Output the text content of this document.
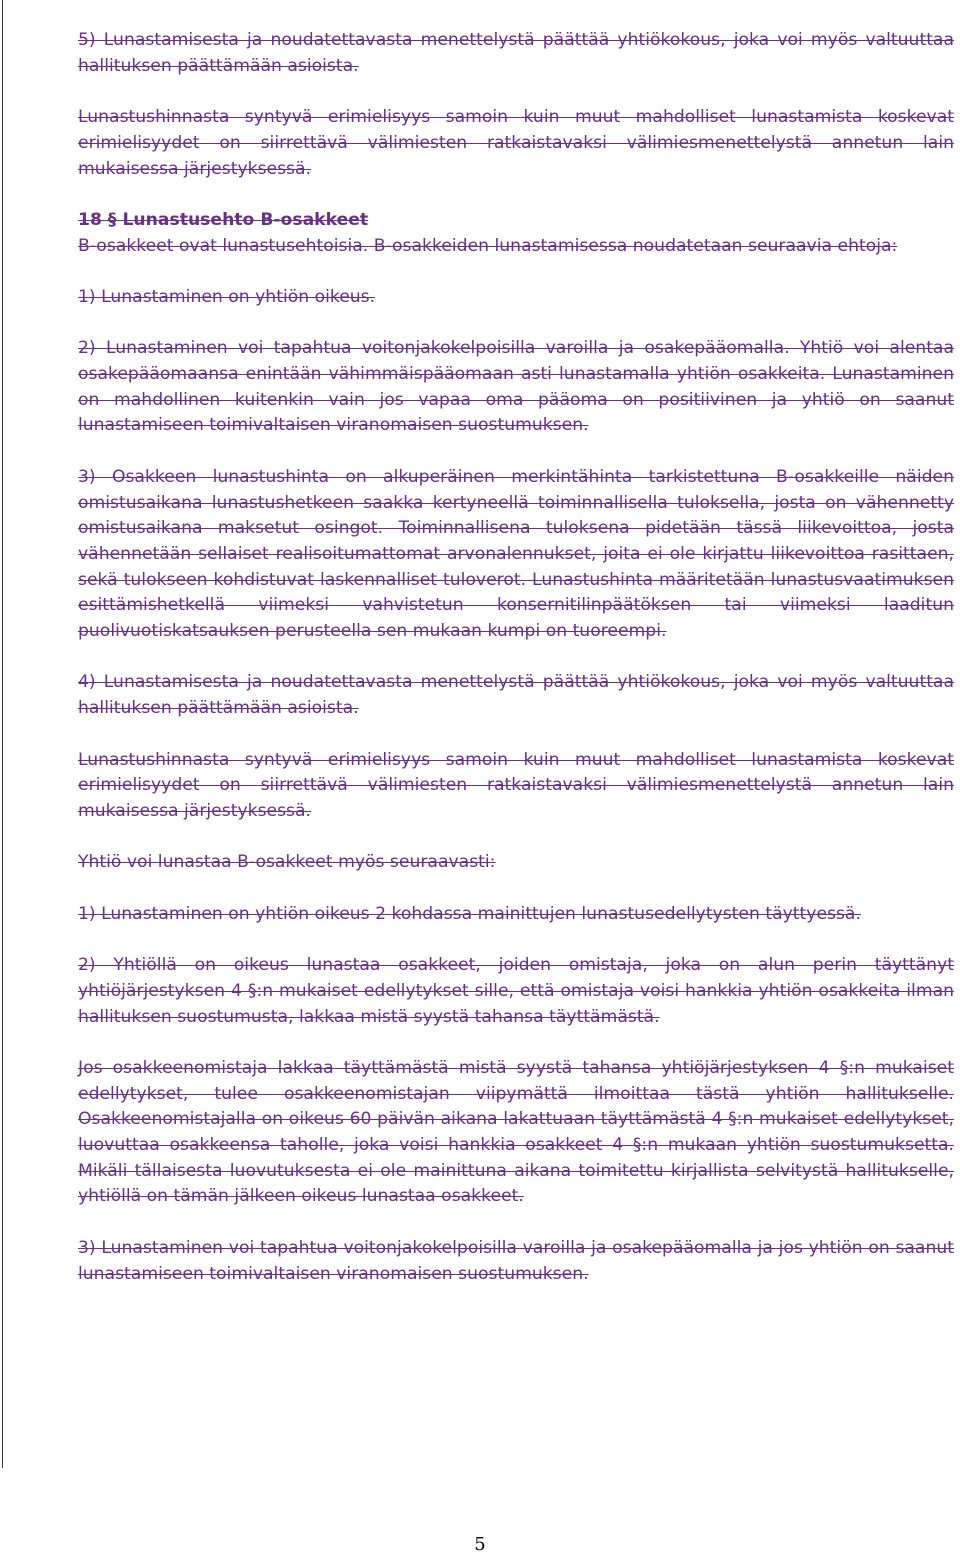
5) Lunastamisesta ja noudatettavasta menettelystä päättää yhtiökokous, joka voi myös valtuuttaa hallituksen päättämään asioista.

Lunastushinnasta syntyvä erimielisyys samoin kuin muut mahdolliset lunastamista koskevat erimielisyydet on siirrettävä välimiesten ratkaistavaksi välimiesmenettelystä annetun lain mukaisessa järjestyksessä.

18 § Lunastusehto B-osakkeet
B-osakkeet ovat lunastusehtoisia. B-osakkeiden lunastamisessa noudatetaan seuraavia ehtoja:

1) Lunastaminen on yhtiön oikeus.

2) Lunastaminen voi tapahtua voitonjakokelpoisilla varoilla ja osakepääomalla. Yhtiö voi alentaa osakepääomaansa enintään vähimmäispääomaan asti lunastamalla yhtiön osakkeita. Lunastaminen on mahdollinen kuitenkin vain jos vapaa oma pääoma on positiivinen ja yhtiö on saanut lunastamiseen toimivaltaisen viranomaisen suostumuksen.

3) Osakkeen lunastushinta on alkuperäinen merkintähinta tarkistettuna B-osakkeille näiden omistusaikana lunastushetkeen saakka kertyneellä toiminnallisella tuloksella, josta on vähennetty omistusaikana maksetut osingot. Toiminnallisena tuloksena pidetään tässä liikevoittoa, josta vähennetään sellaiset realisoitumattomat arvonalennukset, joita ei ole kirjattu liikevoittoa rasittaen, sekä tulokseen kohdistuvat laskennalliset tuloverot. Lunastushinta määritetään lunastusvaatimuksen esittämishetkellä viimeksi vahvistetun konsernitilinpäätöksen tai viimeksi laaditun puolivuotiskatsauksen perusteella sen mukaan kumpi on tuoreempi.

4) Lunastamisesta ja noudatettavasta menettelystä päättää yhtiökokous, joka voi myös valtuuttaa hallituksen päättämään asioista.

Lunastushinnasta syntyvä erimielisyys samoin kuin muut mahdolliset lunastamista koskevat erimielisyydet on siirrettävä välimiesten ratkaistavaksi välimiesmenettelystä annetun lain mukaisessa järjestyksessä.

Yhtiö voi lunastaa B-osakkeet myös seuraavasti:

1) Lunastaminen on yhtiön oikeus 2 kohdassa mainittujen lunastusedellytysten täyttyessä.

2) Yhtiöllä on oikeus lunastaa osakkeet, joiden omistaja, joka on alun perin täyttänyt yhtiöjärjestyksen 4 §:n mukaiset edellytykset sille, että omistaja voisi hankkia yhtiön osakkeita ilman hallituksen suostumusta, lakkaa mistä syystä tahansa täyttämästä.

Jos osakkeenomistaja lakkaa täyttämästä mistä syystä tahansa yhtiöjärjestyksen 4 §:n mukaiset edellytykset, tulee osakkeenomistajan viipymättä ilmoittaa tästä yhtiön hallitukselle. Osakkeenomistajalla on oikeus 60 päivän aikana lakattuaan täyttämästä 4 §:n mukaiset edellytykset, luovuttaa osakkeensa taholle, joka voisi hankkia osakkeet 4 §:n mukaan yhtiön suostumuksetta. Mikäli tällaisesta luovutuksesta ei ole mainittuna aikana toimitettu kirjallista selvitystä hallitukselle, yhtiöllä on tämän jälkeen oikeus lunastaa osakkeet.

3) Lunastaminen voi tapahtua voitonjakokelpoisilla varoilla ja osakepääomalla ja jos yhtiön on saanut lunastamiseen toimivaltaisen viranomaisen suostumuksen.

5
